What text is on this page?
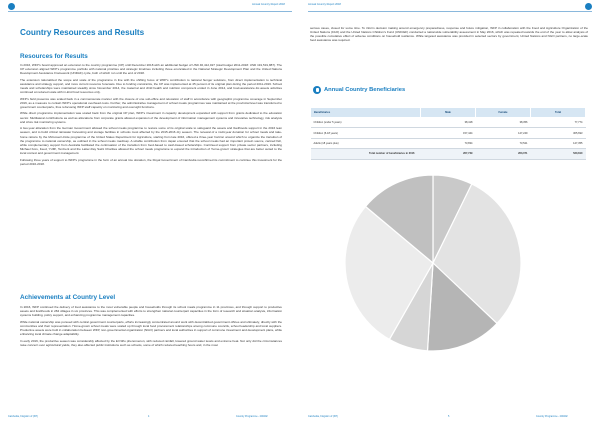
Annual Country Report 2018
Country Resources and Results
Resources for Results

In 2016, WFP's board approved an extension to the country programme (CP) until December 2018 with an additional budget of USD 46,412,027 (total budget 2011-2018: USD 191,531,887). The CP extension aligned WFP's programme portfolio with national priorities and strategic timelines including those enunciated in the National Strategic Development Plan and the United Nations Development Assistance Framework (UNDAF) cycle, both of which run until the end of 2018.

The extension rationalized the scope and scale of the programme in line with the shifting focus of WFP's contribution to national hunger solutions, from direct implementation to technical assistance and strategy support, and more current resource forecasts. Due to funding constraints, the CP was implemented at 45 percent of its original plan during the period 2011-2016. School meals and scholarships were maintained steadily since November 2014, the maternal and child health and nutrition component ended in June 2014, and food-assistance-for-assets activities continued at reduced scale with in-kind food resources only.

WFP's field presence was scaled back in a commensurate manner with the closure of one sub-office and relocation of staff in accordance with geographic programme coverage in September 2016, as a measure to contain WFP's operational overhead costs. Further, the administrative management of school meals programmes was maintained at the provincial level was transferred to government counterparts, thus refocusing WFP staff capacity on monitoring and oversight functions.

While direct programme implementation was scaled back from the original CP plan, WFP's investment in capacity development expanded with support from grants dedicated to the education sector. Multilateral contributions as well as allocations from corporate grants allowed expansion of the development of information management systems and innovative technology, risk analysis and crisis risk monitoring systems.

A two-year allocation from the German Government allowed the school meals programme to restore some of its original scale to safeguard the assets and livelihoods support in the 2016 lean season, and to build critical rainwater harvesting and storage facilities in schools most affected by the 2015-2016 dry season. The renewal of a multi-year donation for school meals and take-home rations by the McGovern-Dole programme of the United States Department for Agriculture, starting from late 2016, offered a three-year horizon around which to organize the transition of the programme to national ownership, as outlined in the school meals roadmap. A sizable contribution from Japan ensured that the school meals had an important protein source, canned fish, while complementary support from Australia facilitated the continuation of the transition from food-based to cash-based scholarships. Continued support from private sector partners, including Michael Kors, Feed, YUM!, TenCent and the Latter-Day Saint Charities allowed the school meals programme to expand the introduction of 'home-grown' strategies that are better suited to the local context and government management.

Following three years of support to WFP's programme in the form of an annual rice donation, the Royal Government of Cambodia reconfirmed its commitment to continue this investment for the period 2016-2018.

Achievements at Country Level

In 2016, WFP continued the delivery of food assistance to the most vulnerable people and households through its school meals programme in 11 provinces, and through support to productive assets and livelihoods in 284 villages in six provinces. This was complemented with efforts to strengthen national counterpart capacities in the form of research and situation analysis, information systems building, policy support, and enhancing programme management capacities.

While national ownership was pursued with central government counterparts, efforts increasingly concentrated around work with decentralized government offices and ultimately, directly with the communities and their representation. Home-grown school meals were scaled up through local food procurement relationships among commune councils, school leadership and local suppliers. Productive assets were built in collaboration between WFP, non-governmental organization (NGO) partners and local authorities in support of commune investment and development plans, while enhancing local climate change adaptability.

In early 2016, the productive season was considerably affected by the El Niño phenomenon, with reduced rainfall, lowered ground water levels and extreme heat. Not only did the circumstances raise concern over agricultural yields, they also affected public institutions such as schools, some of which reduced teaching hours and, in the most

Cambodia, Kingdom of (KH)	4	Country Programme - 200202
Annual Country Report 2018

serious cases, closed for some time. To inform decision making around emergency preparedness, response and future mitigation, WFP in collaboration with the Food and Agriculture Organization of the United Nations (FAO) and the United Nations Children's Fund (UNICEF) conducted a nationwide vulnerability assessment in May 2016, which was repeated towards the end of the year to allow analysis of the possible cumulative effect of adverse conditions on household resilience. While targeted assistance was provided in selected sectors by government, United Nations and NGO partners, no large-scale food assistance was required.

Cambodia, Kingdom of (KH)	5	Country Programme - 200202
Annual Country Beneficiaries
Beneficiaries	Male	Female	Total
Children (under 5 years)	38,418	38,356	77,774
Children (5-18 years)	157,444	147,249	305,693
Adults (18 years plus)	73,834	73,521	147,355
Total number of beneficiaries in 2016	267,739	263,071	530,810
